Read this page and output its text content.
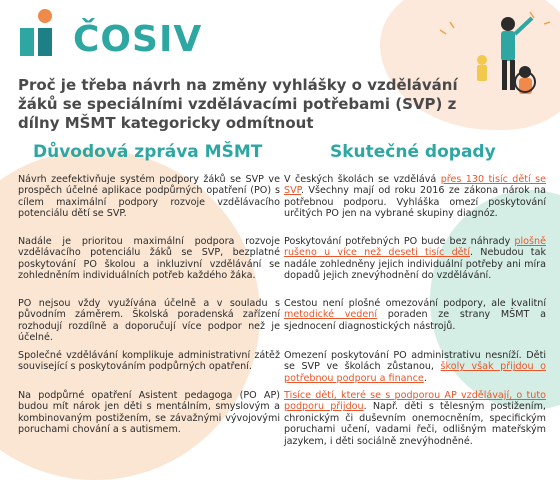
ČOSIV
Proč je třeba návrh na změny vyhlášky o vzdělávání žáků se speciálními vzdělávacími potřebami (SVP) z dílny MŠMT kategoricky odmítnout
Důvodová zpráva MŠMT	Skutečné dopady

Návrh zeefektivňuje systém podpory žáků se SVP ve prospěch účelné aplikace podpůrných opatření (PO) s cílem maximální podpory rozvoje vzdělávacího potenciálu dětí se SVP.

Nadále je prioritou maximální podpora rozvoje vzdělávacího potenciálu žáků se SVP, bezplatné poskytování PO školou a inkluzivní vzdělávání se zohledněním individuálních potřeb každého žáka.

PO nejsou vždy využívána účelně a v souladu s původním záměrem. Školská poradenská zařízení rozhodují rozdílně a doporučují více podpor než je účelné.

Společné vzdělávání komplikuje administrativní zátěž související s poskytováním podpůrných opatření.

Na podpůrné opatření Asistent pedagoga (PO AP) budou mít nárok jen děti s mentálním, smyslovým a kombinovaným postižením, se závažnými vývojovými poruchami chování a s autismem.

V českých školách se vzdělává přes 130 tisíc dětí se SVP. Všechny mají od roku 2016 ze zákona nárok na potřebnou podporu. Vyhláška omezí poskytování určitých PO jen na vybrané skupiny diagnóz.

Poskytování potřebných PO bude bez náhrady plošně rušeno u více než deseti tisíc dětí. Nebudou tak nadále zohledněny jejich individuální potřeby ani míra dopadů jejich znevýhodnění do vzdělávání.

Cestou není plošné omezování podpory, ale kvalitní metodické vedení poraden ze strany MŠMT a sjednocení diagnostických nástrojů.

Omezení poskytování PO administrativu nesníží. Děti se SVP ve školách zůstanou, školy však přijdou o potřebnou podporu a finance.

Tisíce dětí, které se s podporou AP vzdělávají, o tuto podporu přijdou. Např. děti s tělesným postižením, chronickým či duševním onemocněním, specifickým poruchami učení, vadami řeči, odlišným mateřským jazykem, i děti sociálně znevýhodněné.
